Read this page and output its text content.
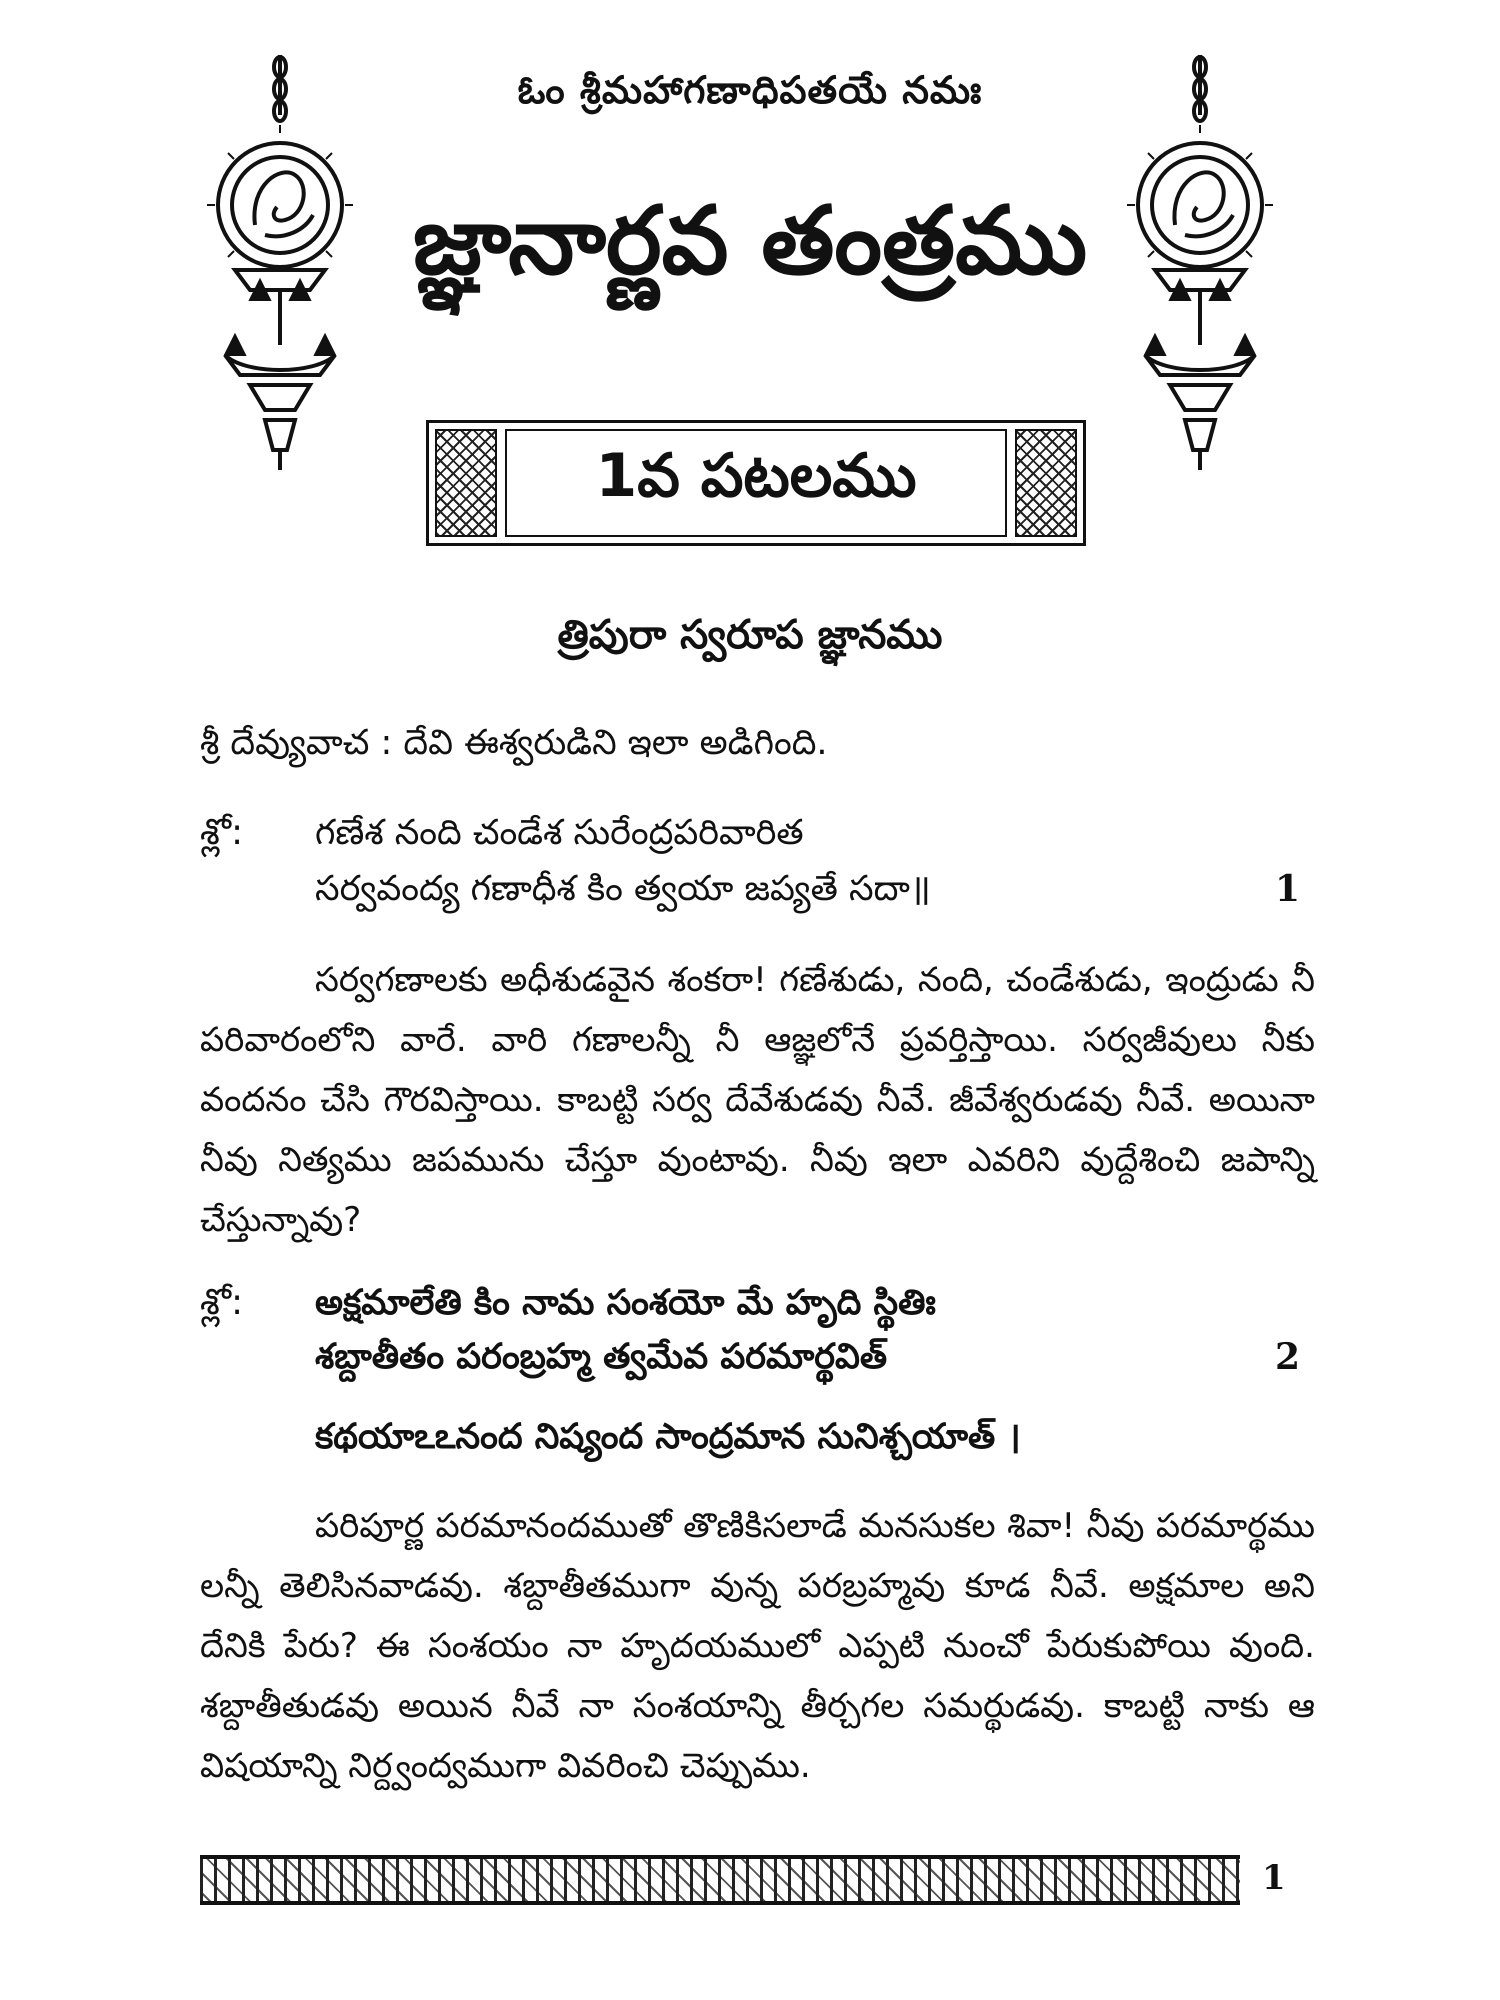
ఓం శ్రీమహాగణాధిపతయే నమః
జ్ఞానార్ణవ తంత్రము
1వ పటలము
త్రిపురా స్వరూప జ్ఞానము
శ్రీ దేవ్యువాచ : దేవి ఈశ్వరుడిని ఇలా అడిగింది.
శ్లో: గణేశ నంది చండేశ సురేంద్రపరివారిత
సర్వవంద్య గణాధీశ కిం త్వయా జప్యతే సదా॥	1
సర్వగణాలకు అధీశుడవైన శంకరా! గణేశుడు, నంది, చండేశుడు, ఇంద్రుడు నీ పరివారంలోని వారే. వారి గణాలన్నీ నీ ఆజ్ఞలోనే ప్రవర్తిస్తాయి. సర్వజీవులు నీకు వందనం చేసి గౌరవిస్తాయి. కాబట్టి సర్వ దేవేశుడవు నీవే. జీవేశ్వరుడవు నీవే. అయినా నీవు నిత్యము జపమును చేస్తూ వుంటావు. నీవు ఇలా ఎవరిని వుద్దేశించి జపాన్ని చేస్తున్నావు?
శ్లో: అక్షమాలేతి కిం నామ సంశయో మే హృది స్థితిః
శబ్దాతీతం పరంబ్రహ్మ త్వమేవ పరమార్థవిత్	2
కథయాఽఽనంద నిష్యంద సాంద్రమాన సునిశ్చయాత్ ।
పరిపూర్ణ పరమానందముతో తొణికిసలాడే మనసుకల శివా! నీవు పరమార్థము లన్నీ తెలిసినవాడవు. శబ్దాతీతముగా వున్న పరబ్రహ్మవు కూడ నీవే. అక్షమాల అని దేనికి పేరు? ఈ సంశయం నా హృదయములో ఎప్పటి నుంచో పేరుకుపోయి వుంది. శబ్దాతీతుడవు అయిన నీవే నా సంశయాన్ని తీర్చగల సమర్థుడవు. కాబట్టి నాకు ఆ విషయాన్ని నిర్ద్వంద్వముగా వివరించి చెప్పుము.
1
